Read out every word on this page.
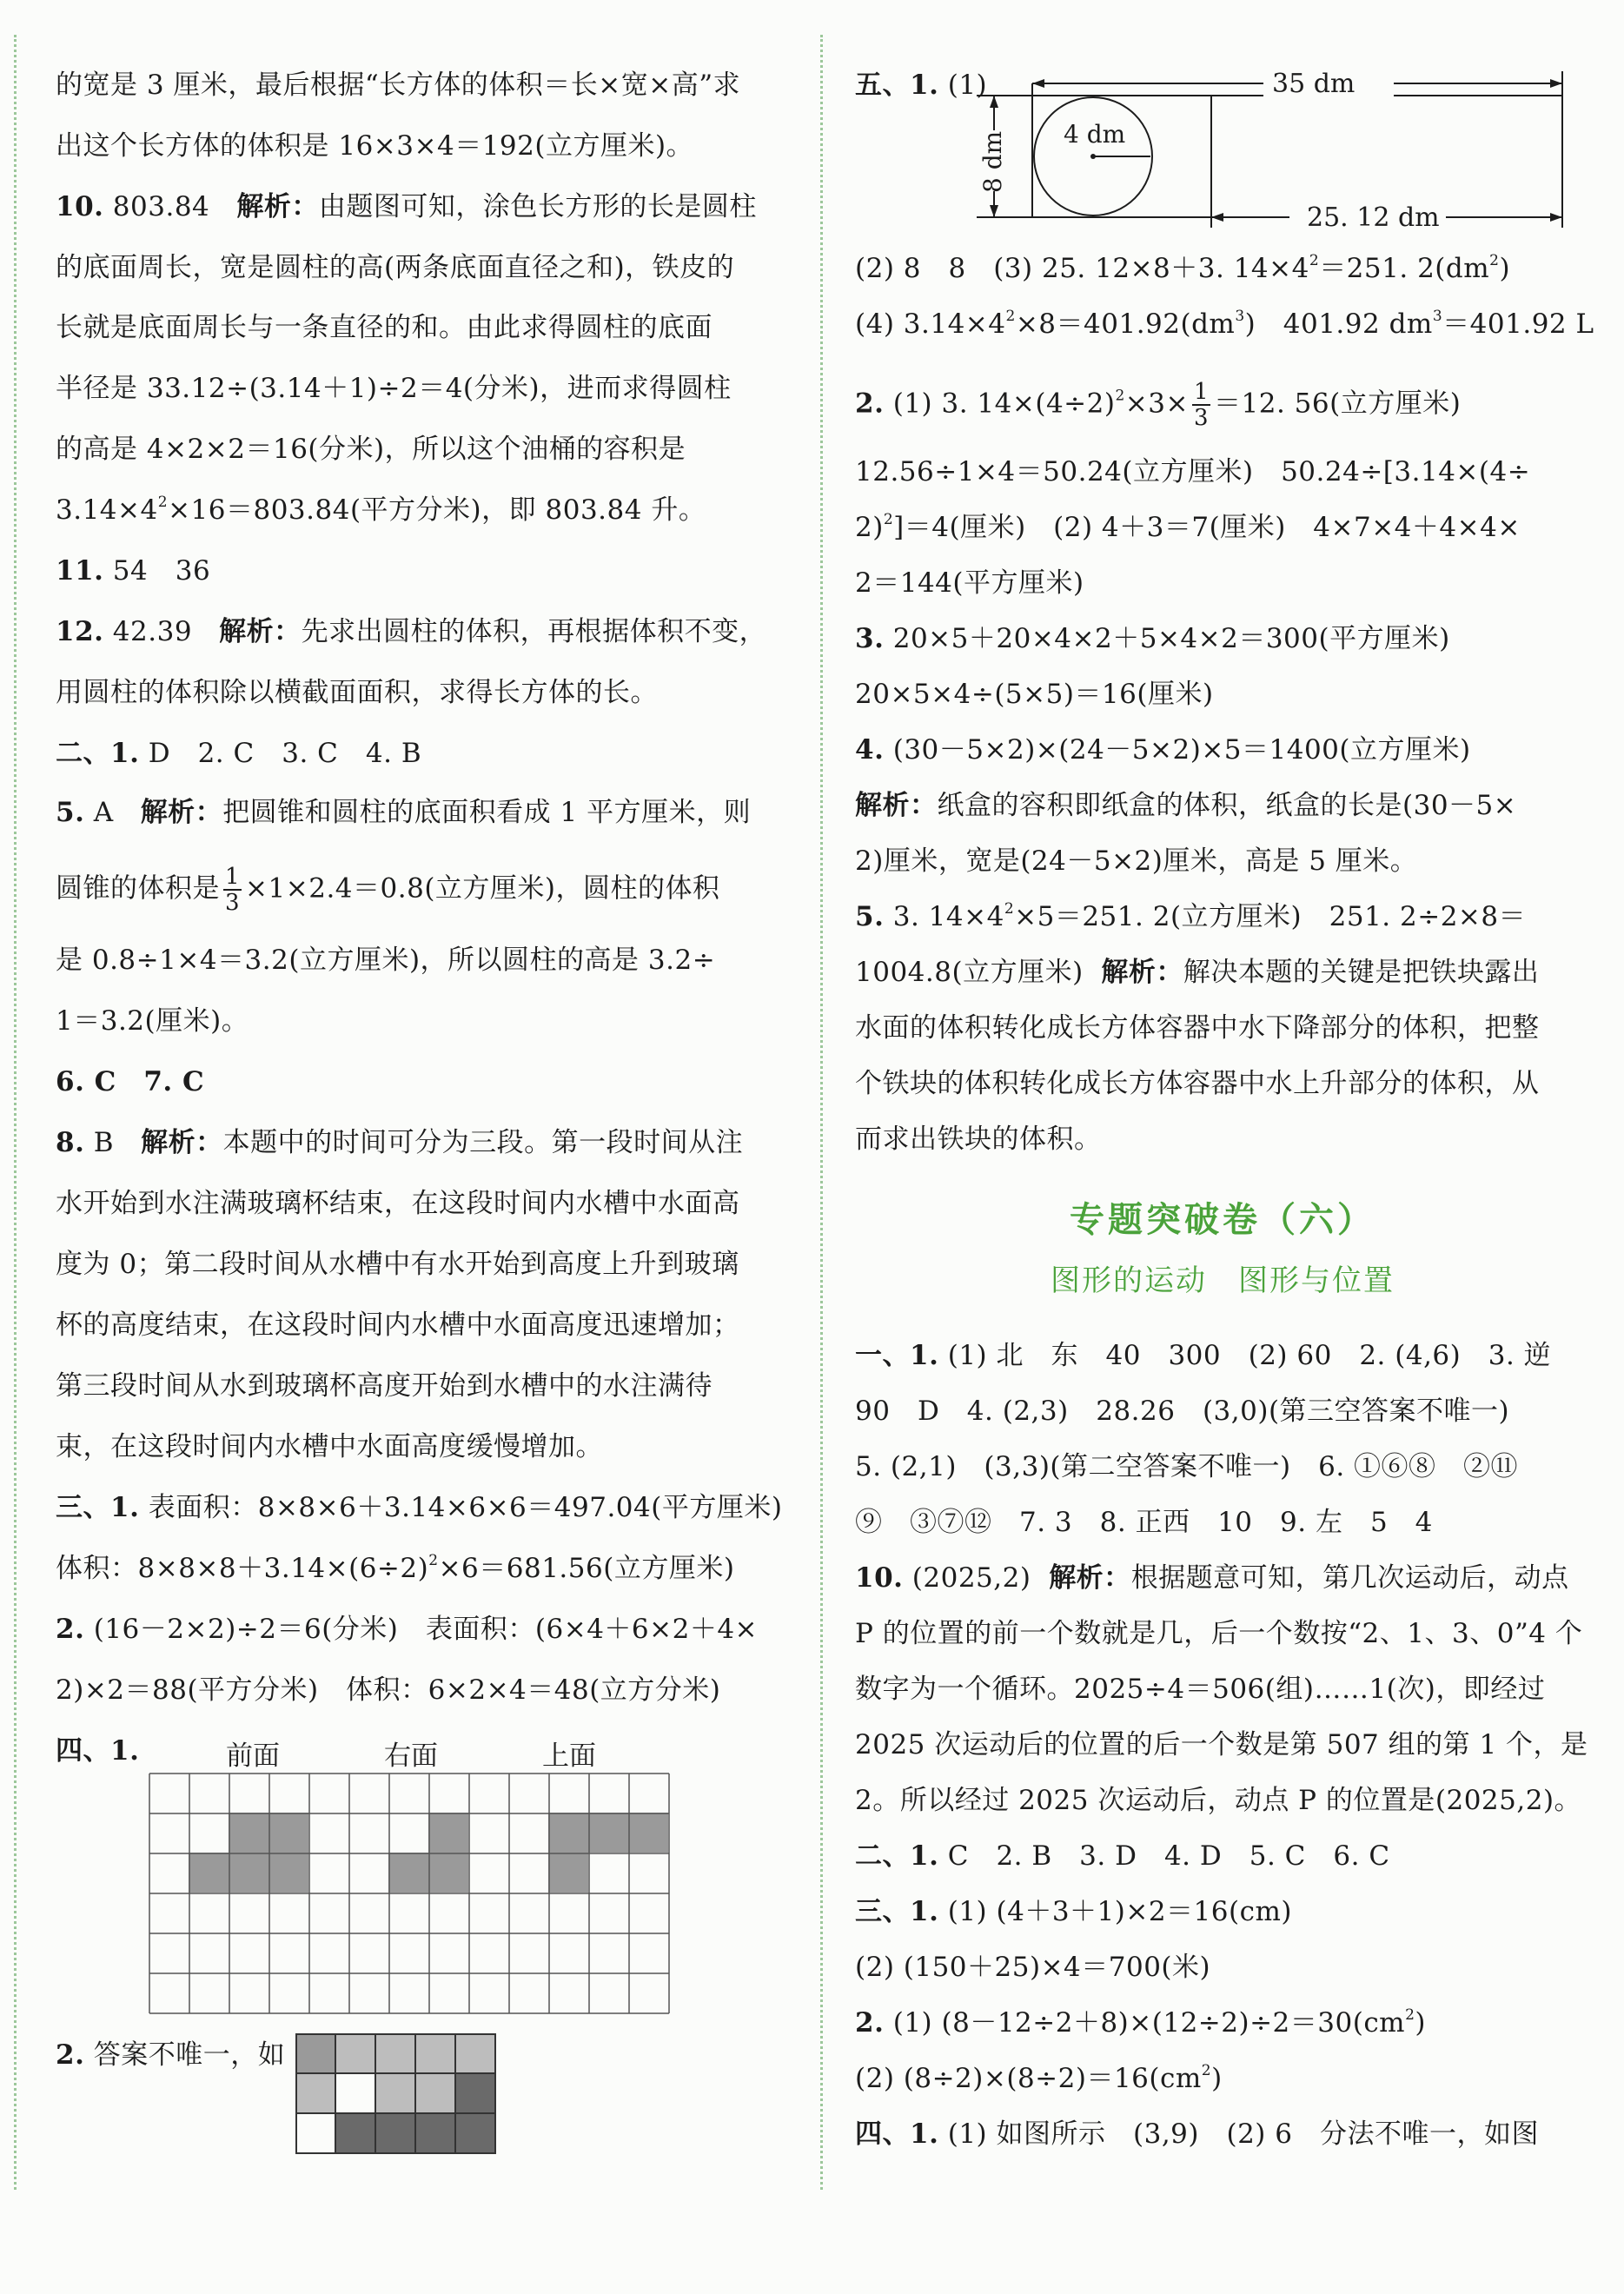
的宽是 3 厘米，最后根据“长方体的体积＝长×宽×高”求
出这个长方体的体积是 16×3×4＝192(立方厘米)。
10. 803.84 解析：由题图可知，涂色长方形的长是圆柱
的底面周长，宽是圆柱的高(两条底面直径之和)，铁皮的
长就是底面周长与一条直径的和。由此求得圆柱的底面
半径是 33.12÷(3.14＋1)÷2＝4(分米)，进而求得圆柱
的高是 4×2×2＝16(分米)，所以这个油桶的容积是
$3.14\times 4^2\times 16=803.84$(平方分米)，即 803.84 升。
11. 54　36
12. 42.39 解析：先求出圆柱的体积，再根据体积不变，
用圆柱的体积除以横截面面积，求得长方体的长。
二、1. D　2. C　3. C　4. B
5. A 解析：把圆锥和圆柱的底面积看成 1 平方厘米，则
圆锥的体积是 $\frac{1}{3} \times 1\times 2.4=0.8$(立方厘米)，圆柱的体积
是 0.8÷1×4＝3.2(立方厘米)，所以圆柱的高是 3.2÷
1＝3.2(厘米)。
6. C　7. C
8. B 解析：本题中的时间可分为三段。第一段时间从注
水开始到水注满玻璃杯结束，在这段时间内水槽中水面高
度为 0；第二段时间从水槽中有水开始到高度上升到玻璃
杯的高度结束，在这段时间内水槽中水面高度迅速增加；
第三段时间从水到玻璃杯高度开始到水槽中的水注满待
束，在这段时间内水槽中水面高度缓慢增加。
三、1. 表面积：8×8×6＋3.14×6×6＝497.04(平方厘米)
体积：$8\times 8\times 8+3.14\times(6\div 2)^2\times 6=681.56$(立方厘米)
2. (16－2×2)÷2＝6(分米)　表面积：(6×4＋6×2＋4×
2)×2＝88(平方分米)　体积：6×2×4＝48(立方分米)
四、1.	前面	右面	上面
2. 答案不唯一，如
五、1. (1)	35 dm
4 dm
25. 12 dm
8 dm
(2) 8　8　(3) 25. 12×8＋3. $14\times 4^2=251$. $2(dm^2)$
(4) $3.14\times 4^2\times 8=401.92(dm^3)$　401.92 $dm^3=401.92$ L
2. (1) 3. $14\times(4\div 2)^2\times 3\times \frac{1}{3} =12$. 56(立方厘米)
12.56÷1×4＝50.24(立方厘米)　50.24÷[3.14×(4÷
2)$^2$]＝4(厘米)　(2) 4＋3＝7(厘米)　4×7×4＋4×4×
2＝144(平方厘米)
3. 20×5＋20×4×2＋5×4×2＝300(平方厘米)
20×5×4÷(5×5)＝16(厘米)
4. (30－5×2)×(24－5×2)×5＝1400(立方厘米)
解析：纸盒的容积即纸盒的体积，纸盒的长是(30－5×
2)厘米，宽是(24－5×2)厘米，高是 5 厘米。
5. 3. $14\times 4^2\times 5=251$. 2(立方厘米)　251. 2÷2×8＝
1004.8(立方厘米) 解析：解决本题的关键是把铁块露出
水面的体积转化成长方体容器中水下降部分的体积，把整
个铁块的体积转化成长方体容器中水上升部分的体积，从
而求出铁块的体积。
专题突破卷（六）
图形的运动　图形与位置
一、1. (1) 北　东　40　300　(2) 60　2. (4,6)　3. 逆
90　D　4. (2,3)　28.26　(3,0)(第三空答案不唯一)
5. (2,1)　(3,3)(第二空答案不唯一)　6. ①⑥⑧　②⑪
⑨　③⑦⑫　7. 3　8. 正西　10　9. 左　5　4
10. (2025,2) 解析：根据题意可知，第几次运动后，动点
P 的位置的前一个数就是几，后一个数按“2、1、3、0”4 个
数字为一个循环。2025÷4＝506(组)……1(次)，即经过
2025 次运动后的位置的后一个数是第 507 组的第 1 个，是
2。所以经过 2025 次运动后，动点 P 的位置是(2025,2)。
二、1. C　2. B　3. D　4. D　5. C　6. C
三、1. (1) (4＋3＋1)×2＝16(cm)
(2) (150＋25)×4＝700(米)
2. (1) $(8-12\div 2+8)\times(12\div 2)\div 2=30(cm^2)$
(2) $(8\div 2)\times(8\div 2)=16(cm^2)$
四、1. (1) 如图所示　(3,9)　(2) 6　分法不唯一，如图
